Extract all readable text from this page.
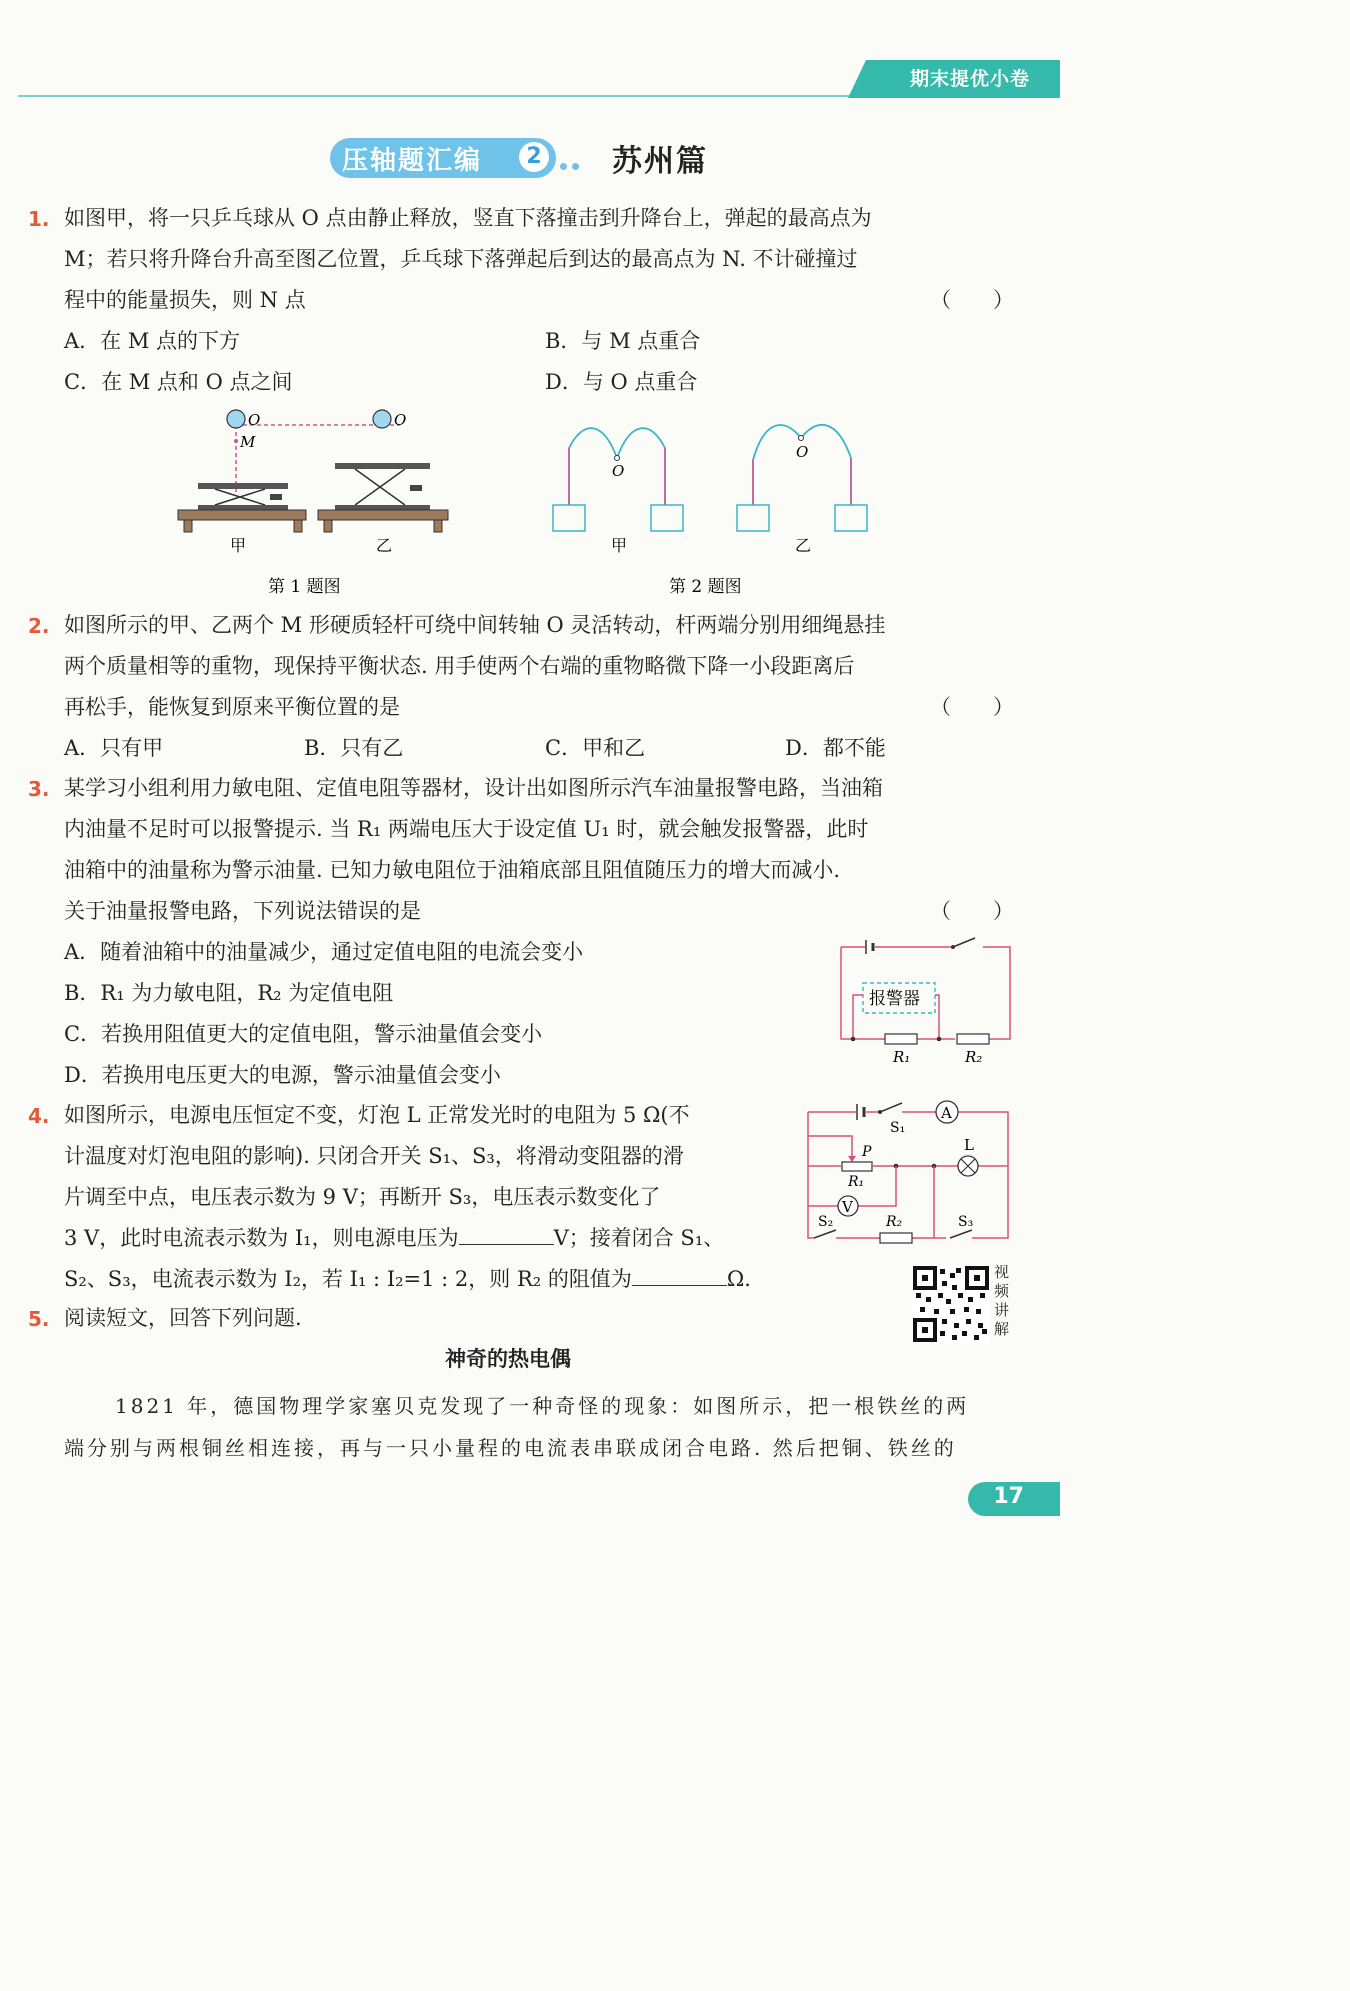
期末提优小卷
压轴题汇编	2 苏州篇
1. 如图甲，将一只乒乓球从 O 点由静止释放，竖直下落撞击到升降台上，弹起的最高点为
M；若只将升降台升高至图乙位置，乒乓球下落弹起后到达的最高点为 N. 不计碰撞过
程中的能量损失，则 N 点	（　　）
A．在 M 点的下方	B．与 M 点重合
C．在 M 点和 O 点之间	D．与 O 点重合
O
M
O
甲	乙
第 1 题图
O
O
甲	乙
第 2 题图
2. 如图所示的甲、乙两个 M 形硬质轻杆可绕中间转轴 O 灵活转动，杆两端分别用细绳悬挂
两个质量相等的重物，现保持平衡状态. 用手使两个右端的重物略微下降一小段距离后
再松手，能恢复到原来平衡位置的是	（　　）
A．只有甲	B．只有乙	C．甲和乙	D．都不能
3. 某学习小组利用力敏电阻、定值电阻等器材，设计出如图所示汽车油量报警电路，当油箱
内油量不足时可以报警提示. 当 R₁ 两端电压大于设定值 U₁ 时，就会触发报警器，此时
油箱中的油量称为警示油量. 已知力敏电阻位于油箱底部且阻值随压力的增大而减小.
关于油量报警电路，下列说法错误的是	（　　）
A．随着油箱中的油量减少，通过定值电阻的电流会变小
B．R₁ 为力敏电阻，R₂ 为定值电阻
C．若换用阻值更大的定值电阻，警示油量值会变小
D．若换用电压更大的电源，警示油量值会变小
报警器
R₁	R₂
4. 如图所示，电源电压恒定不变，灯泡 L 正常发光时的电阻为 5 Ω(不
计温度对灯泡电阻的影响). 只闭合开关 S₁、S₃，将滑动变阻器的滑
片调至中点，电压表示数为 9 V；再断开 S₃，电压表示数变化了
3 V，此时电流表示数为 I₁，则电源电压为	V；接着闭合 S₁、
S₂、S₃，电流表示数为 I₂，若 I₁ : I₂=1 : 2，则 R₂ 的阻值为	Ω.
S₁
A
P
R₁
L
V
S₂	R₂	S₃
视
频
讲
解
5. 阅读短文，回答下列问题.
神奇的热电偶
1821 年，德国物理学家塞贝克发现了一种奇怪的现象：如图所示，把一根铁丝的两
端分别与两根铜丝相连接，再与一只小量程的电流表串联成闭合电路. 然后把铜、铁丝的
17
